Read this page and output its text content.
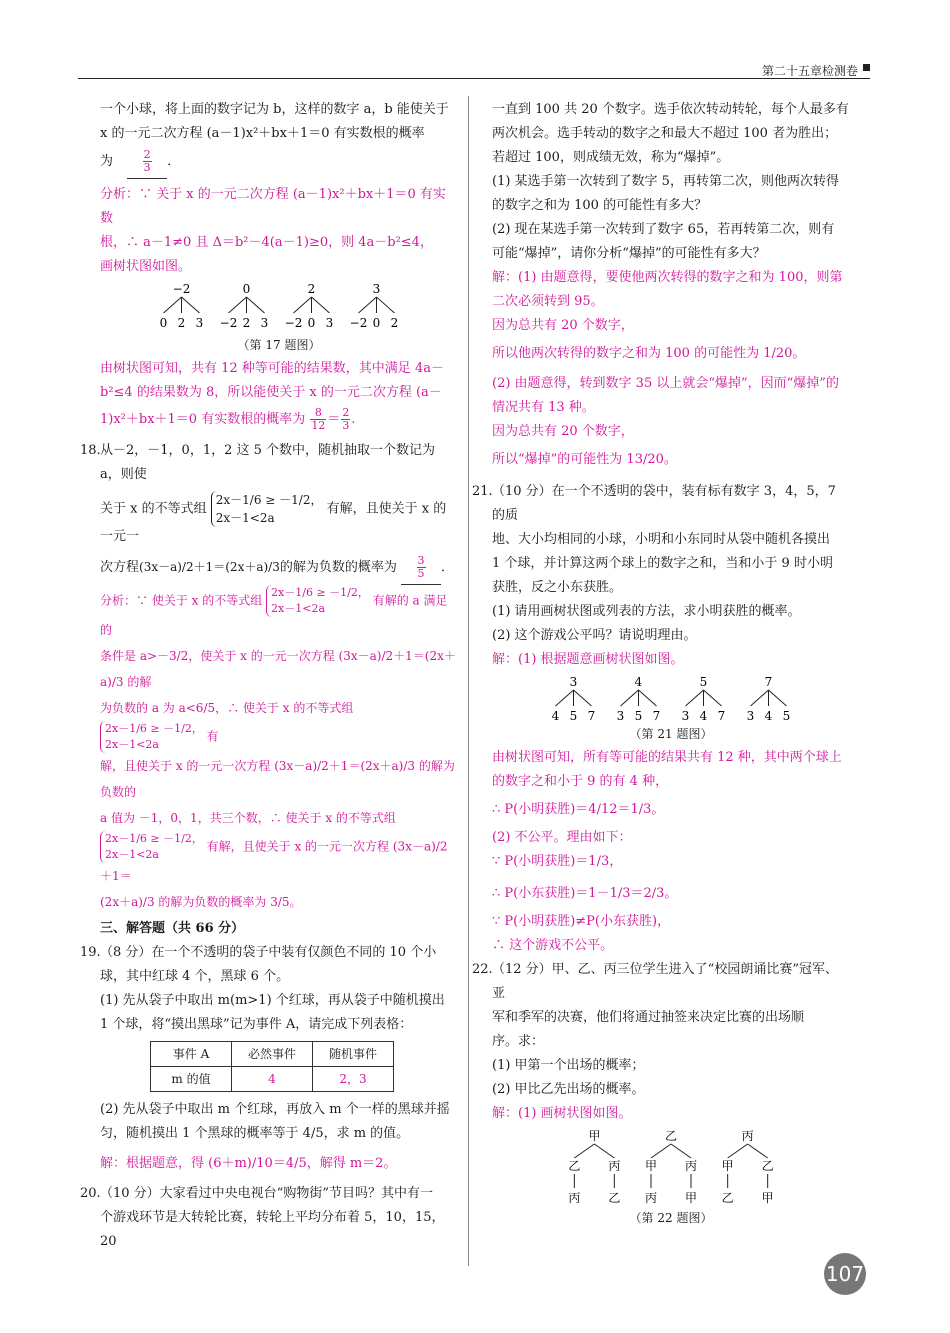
第二十五章检测卷

一个小球，将上面的数字记为 b，这样的数字 a，b 能使关于

x 的一元二次方程 (a－1)x²＋bx＋1＝0 有实数根的概率

为	$\frac{2}{3}$ ．

分析：∵ 关于 x 的一元二次方程 (a－1)x²＋bx＋1＝0 有实数

根，∴ a－1≠0 且 Δ＝b²－4(a－1)≥0，则 4a－b²≤4，

画树状图如图。

−2
0 2 3
0
−2 2 3
2
−2 0 3
3
−2 0 2

（第 17 题图）

由树状图可知，共有 12 种等可能的结果数，其中满足 4a－

b²≤4 的结果数为 8，所以能使关于 x 的一元二次方程 (a－

1)x²＋bx＋1＝0 有实数根的概率为 $\frac{8}{12} = \frac{2}{3}$ .

18. 从－2，－1，0，1，2 这 5 个数中，随机抽取一个数记为 a，则使

关于 x 的不等式组
2x－1/6 ≥ －1/2，
2x－1<2a
有解，且使关于 x 的一元一

次方程(3x－a)/2＋1＝(2x＋a)/3的解为负数的概率为 $\frac{3}{5}$ ．

分析：∵ 使关于 x 的不等式组
2x－1/6 ≥ －1/2，
2x－1<2a
有解的 a 满足的

条件是 a>－3/2，使关于 x 的一元一次方程 (3x－a)/2＋1＝(2x＋a)/3 的解

为负数的 a 为 a<6/5，∴ 使关于 x 的不等式组
2x－1/6 ≥ －1/2，
2x－1<2a
有

解，且使关于 x 的一元一次方程 (3x－a)/2＋1＝(2x＋a)/3 的解为负数的

a 值为 －1，0，1，共三个数，∴ 使关于 x 的不等式组

2x－1/6 ≥ －1/2，
2x－1<2a
有解，且使关于 x 的一元一次方程 (3x－a)/2＋1＝

(2x＋a)/3 的解为负数的概率为 3/5。

三、解答题（共 66 分）

19. （8 分）在一个不透明的袋子中装有仅颜色不同的 10 个小

球，其中红球 4 个，黑球 6 个。

(1) 先从袋子中取出 m(m>1) 个红球，再从袋子中随机摸出

1 个球，将“摸出黑球”记为事件 A，请完成下列表格：

事件 A	必然事件	随机事件
m 的值	4	2，3

(2) 先从袋子中取出 m 个红球，再放入 m 个一样的黑球并摇

匀，随机摸出 1 个黑球的概率等于 4/5，求 m 的值。

解：根据题意，得 (6＋m)/10＝4/5，解得 m＝2。

20. （10 分）大家看过中央电视台“购物街”节目吗？其中有一

个游戏环节是大转轮比赛，转轮上平均分布着 5，10，15，20

一直到 100 共 20 个数字。选手依次转动转轮，每个人最多有

两次机会。选手转动的数字之和最大不超过 100 者为胜出；

若超过 100，则成绩无效，称为“爆掉”。

(1) 某选手第一次转到了数字 5，再转第二次，则他两次转得

的数字之和为 100 的可能性有多大？

(2) 现在某选手第一次转到了数字 65，若再转第二次，则有

可能“爆掉”，请你分析“爆掉”的可能性有多大？

解：(1) 由题意得，要使他两次转得的数字之和为 100，则第

二次必须转到 95。

因为总共有 20 个数字，

所以他两次转得的数字之和为 100 的可能性为 1/20。

(2) 由题意得，转到数字 35 以上就会“爆掉”，因而“爆掉”的

情况共有 13 种。

因为总共有 20 个数字，

所以“爆掉”的可能性为 13/20。

21. （10 分）在一个不透明的袋中，装有标有数字 3，4，5，7 的质

地、大小均相同的小球，小明和小东同时从袋中随机各摸出

1 个球，并计算这两个球上的数字之和，当和小于 9 时小明

获胜，反之小东获胜。

(1) 请用画树状图或列表的方法，求小明获胜的概率。

(2) 这个游戏公平吗？请说明理由。

解：(1) 根据题意画树状图如图。

3
4 5 7
4
3 5 7
5
3 4 7
7
3 4 5

（第 21 题图）

由树状图可知，所有等可能的结果共有 12 种，其中两个球上

的数字之和小于 9 的有 4 种，

∴ P(小明获胜)＝4/12＝1/3。

(2) 不公平。理由如下：

∵ P(小明获胜)＝1/3，

∴ P(小东获胜)＝1－1/3＝2/3。

∵ P(小明获胜)≠P(小东获胜)，

∴ 这个游戏不公平。

22. （12 分）甲、乙、丙三位学生进入了“校园朗诵比赛”冠军、亚

军和季军的决赛，他们将通过抽签来决定比赛的出场顺

序。求：

(1) 甲第一个出场的概率；

(2) 甲比乙先出场的概率。

解：(1) 画树状图如图。

甲
乙
丙
丙
乙
乙
甲
丙
丙
甲
丙
甲
乙
乙
甲

（第 22 题图）

107
